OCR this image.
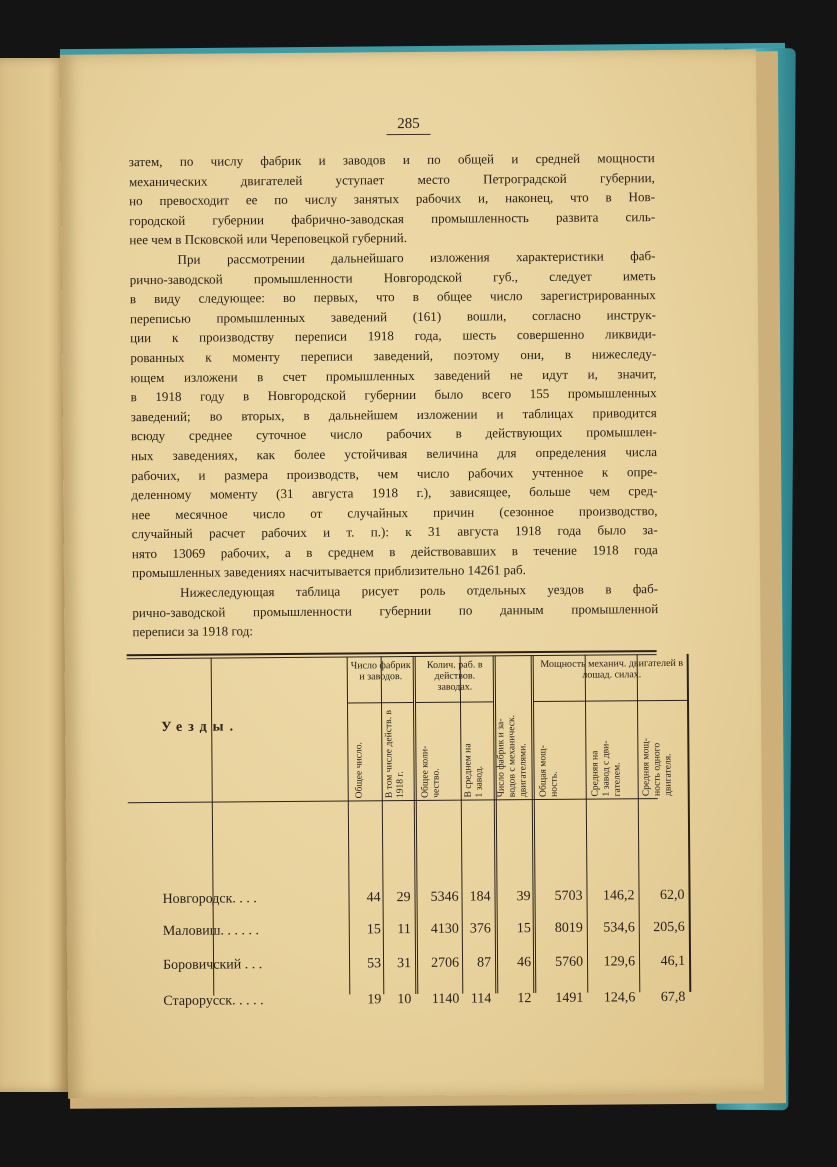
285
затем, по числу фабрик и заводов и по общей и средней мощности
механических двигателей уступает место Петроградской губернии,
но превосходит ее по числу занятых рабочих и, наконец, что в Нов-
городской губернии фабрично-заводская промышленность развита силь-
нее чем в Псковской или Череповецкой губерний.
При рассмотрении дальнейшаго изложения характеристики фаб-
рично-заводской промышленности Новгородской губ., следует иметь
в виду следующее: во первых, что в общее число зарегистрированных
переписью промышленных заведений (161) вошли, согласно инструк-
ции к производству переписи 1918 года, шесть совершенно ликвиди-
рованных к моменту переписи заведений, поэтому они, в нижеследу-
ющем изложени в счет промышленных заведений не идут и, значит,
в 1918 году в Новгородской губернии было всего 155 промышленных
заведений; во вторых, в дальнейшем изложении и таблицах приводится
всюду среднее суточное число рабочих в действующих промышлен-
ных заведениях, как более устойчивая величина для определения числа
рабочих, и размера производств, чем число рабочих учтенное к опре-
деленному моменту (31 августа 1918 г.), зависящее, больше чем сред-
нее месячное число от случайных причин (сезонное производство,
случайный расчет рабочих и т. п.): к 31 августа 1918 года было за-
нято 13069 рабочих, а в среднем в действовавших в течение 1918 года
промышленных заведениях насчитывается приблизительно 14261 раб.
Нижеследующая таблица рисует роль отдельных уездов в фаб-
рично-заводской промышленности губернии по данным промышленной
переписи за 1918 год:
Уезды.
Число фабрик и заводов.
Колич. раб. в действов. заводах.
Мощность механич. двигателей в лошад. силах.
Общее число.	В том числе действ. в 1918 г.	Общее коли-
чество.	В среднем на
1 завод.	Число фабрик и за-
водов с механическ.
двигателями. Общая мощ-
ность.	Средняя на
1 завод с дви-
гателем.	Средняя мощ-
ность одного
двигателя.
Новгородск. . . .	44 29 5346 184 39 5703 146,2 62,0
Маловиш. . . . . .	15 11 4130 376 15 8019 534,6 205,6
Боровичский . . .	53 31 2706 87 46 5760 129,6 46,1
Старорусск. . . . .	19 10 1140 114 12 1491 124,6 67,8
